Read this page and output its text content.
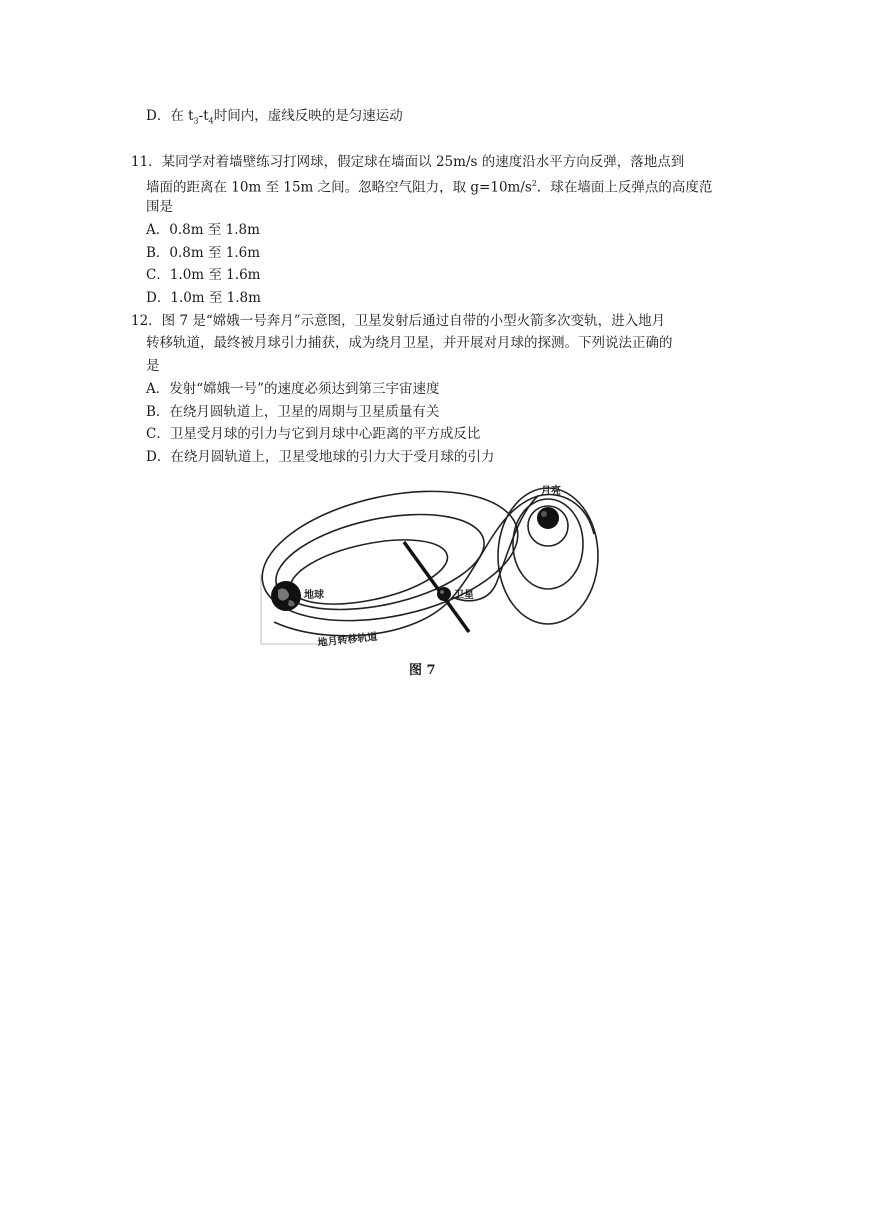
D．在 $t_3-t_4$时间内，虚线反映的是匀速运动
11．某同学对着墙壁练习打网球，假定球在墙面以 25m/s 的速度沿水平方向反弹，落地点到
墙面的距离在 10m 至 15m 之间。忽略空气阻力，取 $g=10m/s^2$．球在墙面上反弹点的高度范
围是
A．0.8m 至 1.8m
B．0.8m 至 1.6m
C．1.0m 至 1.6m
D．1.0m 至 1.8m
12．图 7 是“嫦娥一号奔月”示意图，卫星发射后通过自带的小型火箭多次变轨，进入地月
转移轨道，最终被月球引力捕获，成为绕月卫星，并开展对月球的探测。下列说法正确的
是
A．发射“嫦娥一号”的速度必须达到第三宇宙速度
B．在绕月圆轨道上，卫星的周期与卫星质量有关
C．卫星受月球的引力与它到月球中心距离的平方成反比
D．在绕月圆轨道上，卫星受地球的引力大于受月球的引力
月亮
地球	卫星
地月转移轨道
图 7
